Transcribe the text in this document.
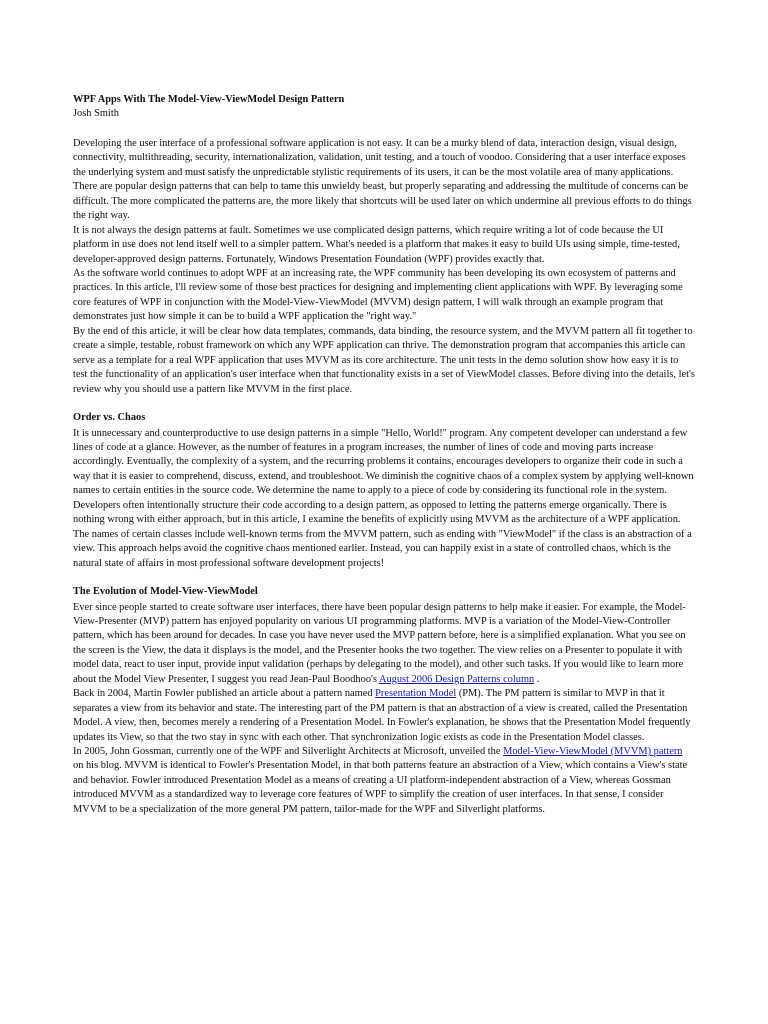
WPF Apps With The Model-View-ViewModel Design Pattern

Josh Smith

Developing the user interface of a professional software application is not easy. It can be a murky blend of data, interaction design, visual design, connectivity, multithreading, security, internationalization, validation, unit testing, and a touch of voodoo. Considering that a user interface exposes the underlying system and must satisfy the unpredictable stylistic requirements of its users, it can be the most volatile area of many applications.

There are popular design patterns that can help to tame this unwieldy beast, but properly separating and addressing the multitude of concerns can be difficult. The more complicated the patterns are, the more likely that shortcuts will be used later on which undermine all previous efforts to do things the right way.

It is not always the design patterns at fault. Sometimes we use complicated design patterns, which require writing a lot of code because the UI platform in use does not lend itself well to a simpler pattern. What's needed is a platform that makes it easy to build UIs using simple, time-tested, developer-approved design patterns. Fortunately, Windows Presentation Foundation (WPF) provides exactly that.

As the software world continues to adopt WPF at an increasing rate, the WPF community has been developing its own ecosystem of patterns and practices. In this article, I'll review some of those best practices for designing and implementing client applications with WPF. By leveraging some core features of WPF in conjunction with the Model-View-ViewModel (MVVM) design pattern, I will walk through an example program that demonstrates just how simple it can be to build a WPF application the "right way."

By the end of this article, it will be clear how data templates, commands, data binding, the resource system, and the MVVM pattern all fit together to create a simple, testable, robust framework on which any WPF application can thrive. The demonstration program that accompanies this article can serve as a template for a real WPF application that uses MVVM as its core architecture. The unit tests in the demo solution show how easy it is to test the functionality of an application's user interface when that functionality exists in a set of ViewModel classes. Before diving into the details, let's review why you should use a pattern like MVVM in the first place.

Order vs. Chaos

It is unnecessary and counterproductive to use design patterns in a simple "Hello, World!" program. Any competent developer can understand a few lines of code at a glance. However, as the number of features in a program increases, the number of lines of code and moving parts increase accordingly. Eventually, the complexity of a system, and the recurring problems it contains, encourages developers to organize their code in such a way that it is easier to comprehend, discuss, extend, and troubleshoot. We diminish the cognitive chaos of a complex system by applying well-known names to certain entities in the source code. We determine the name to apply to a piece of code by considering its functional role in the system.

Developers often intentionally structure their code according to a design pattern, as opposed to letting the patterns emerge organically. There is nothing wrong with either approach, but in this article, I examine the benefits of explicitly using MVVM as the architecture of a WPF application. The names of certain classes include well-known terms from the MVVM pattern, such as ending with "ViewModel" if the class is an abstraction of a view. This approach helps avoid the cognitive chaos mentioned earlier. Instead, you can happily exist in a state of controlled chaos, which is the natural state of affairs in most professional software development projects!

The Evolution of Model-View-ViewModel

Ever since people started to create software user interfaces, there have been popular design patterns to help make it easier. For example, the Model-View-Presenter (MVP) pattern has enjoyed popularity on various UI programming platforms. MVP is a variation of the Model-View-Controller pattern, which has been around for decades. In case you have never used the MVP pattern before, here is a simplified explanation. What you see on the screen is the View, the data it displays is the model, and the Presenter hooks the two together. The view relies on a Presenter to populate it with model data, react to user input, provide input validation (perhaps by delegating to the model), and other such tasks. If you would like to learn more about the Model View Presenter, I suggest you read Jean-Paul Boodhoo's August 2006 Design Patterns column .

Back in 2004, Martin Fowler published an article about a pattern named Presentation Model (PM). The PM pattern is similar to MVP in that it separates a view from its behavior and state. The interesting part of the PM pattern is that an abstraction of a view is created, called the Presentation Model. A view, then, becomes merely a rendering of a Presentation Model. In Fowler's explanation, he shows that the Presentation Model frequently updates its View, so that the two stay in sync with each other. That synchronization logic exists as code in the Presentation Model classes.

In 2005, John Gossman, currently one of the WPF and Silverlight Architects at Microsoft, unveiled the Model-View-ViewModel (MVVM) pattern on his blog. MVVM is identical to Fowler's Presentation Model, in that both patterns feature an abstraction of a View, which contains a View's state and behavior. Fowler introduced Presentation Model as a means of creating a UI platform-independent abstraction of a View, whereas Gossman introduced MVVM as a standardized way to leverage core features of WPF to simplify the creation of user interfaces. In that sense, I consider MVVM to be a specialization of the more general PM pattern, tailor-made for the WPF and Silverlight platforms.
